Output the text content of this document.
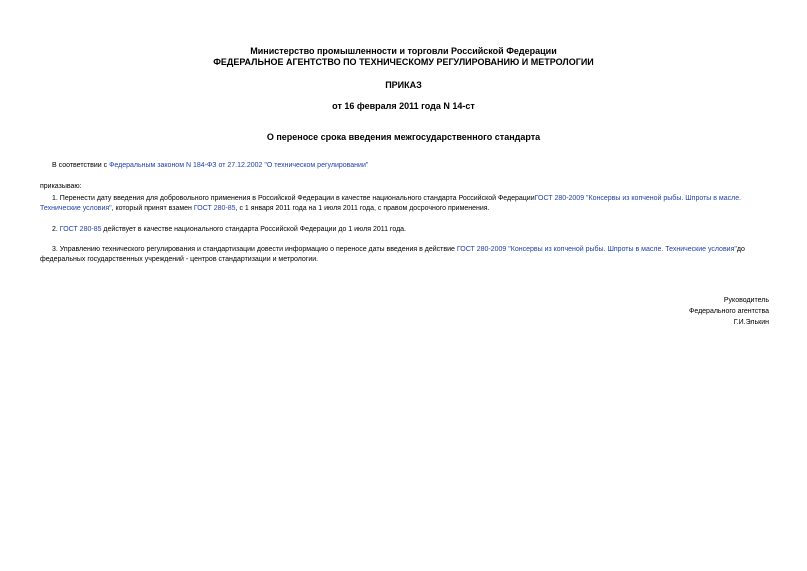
Министерство промышленности и торговли Российской Федерации
ФЕДЕРАЛЬНОЕ АГЕНТСТВО ПО ТЕХНИЧЕСКОМУ РЕГУЛИРОВАНИЮ И МЕТРОЛОГИИ
ПРИКАЗ
от 16 февраля 2011 года N 14-ст
О переносе срока введения межгосударственного стандарта
В соответствии с Федеральным законом N 184-ФЗ от 27.12.2002 "О техническом регулировании"
приказываю:
1. Перенести дату введения для добровольного применения в Российской Федерации в качестве национального стандарта Российской ФедерацииГОСТ 280-2009 "Консервы из копченой рыбы. Шпроты в масле.
Технические условия", который принят взамен ГОСТ 280-85, с 1 января 2011 года на 1 июля 2011 года, с правом досрочного применения.
2. ГОСТ 280-85 действует в качестве национального стандарта Российской Федерации до 1 июля 2011 года.
3. Управлению технического регулирования и стандартизации довести информацию о переносе даты введения в действие ГОСТ 280-2009 "Консервы из копченой рыбы. Шпроты в масле. Технические условия"до
федеральных государственных учреждений - центров стандартизации и метрологии.
Руководитель
Федерального агентства
Г.И.Элькин
